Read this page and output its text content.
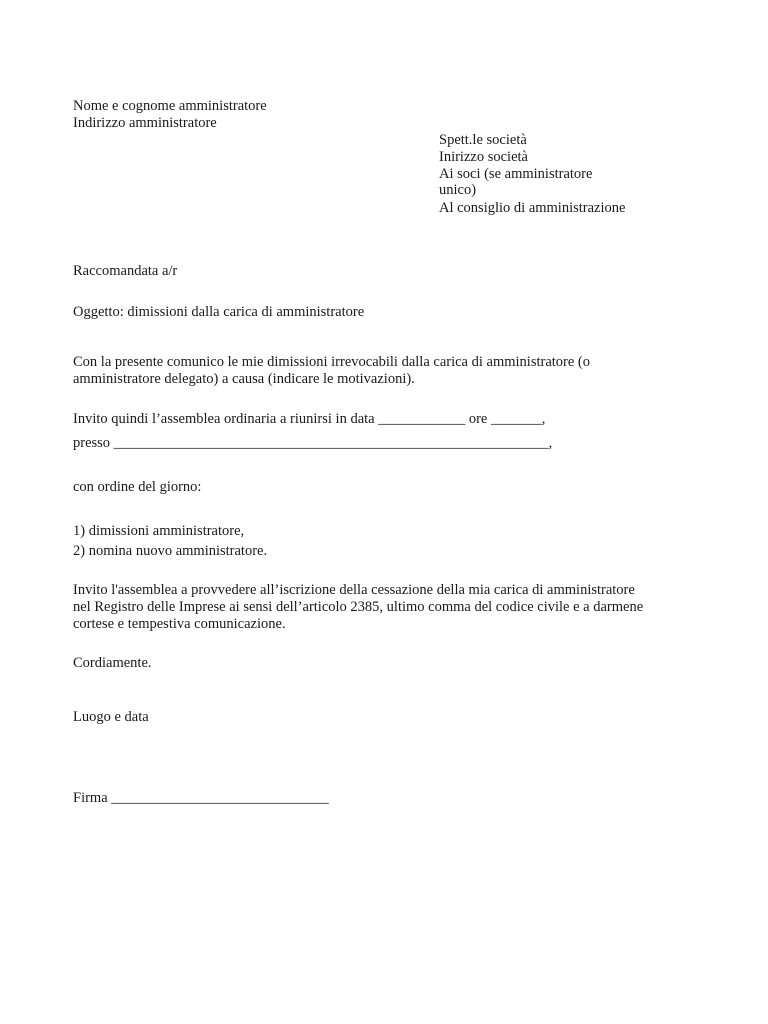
Nome e cognome amministratore
Indirizzo amministratore
Spett.le società
Inirizzo società
Ai soci (se amministratore
unico)
Al consiglio di amministrazione
Raccomandata a/r
Oggetto: dimissioni dalla carica di amministratore
Con la presente comunico le mie dimissioni irrevocabili dalla carica di amministratore (o
amministratore delegato) a causa (indicare le motivazioni).
Invito quindi l’assemblea ordinaria a riunirsi in data ____________ ore _______,
presso ____________________________________________________________,
con ordine del giorno:
1) dimissioni amministratore,
2) nomina nuovo amministratore.
Invito l'assemblea a provvedere all’iscrizione della cessazione della mia carica di amministratore
nel Registro delle Imprese ai sensi dell’articolo 2385, ultimo comma del codice civile e a darmene
cortese e tempestiva comunicazione.
Cordiamente.
Luogo e data
Firma ______________________________
